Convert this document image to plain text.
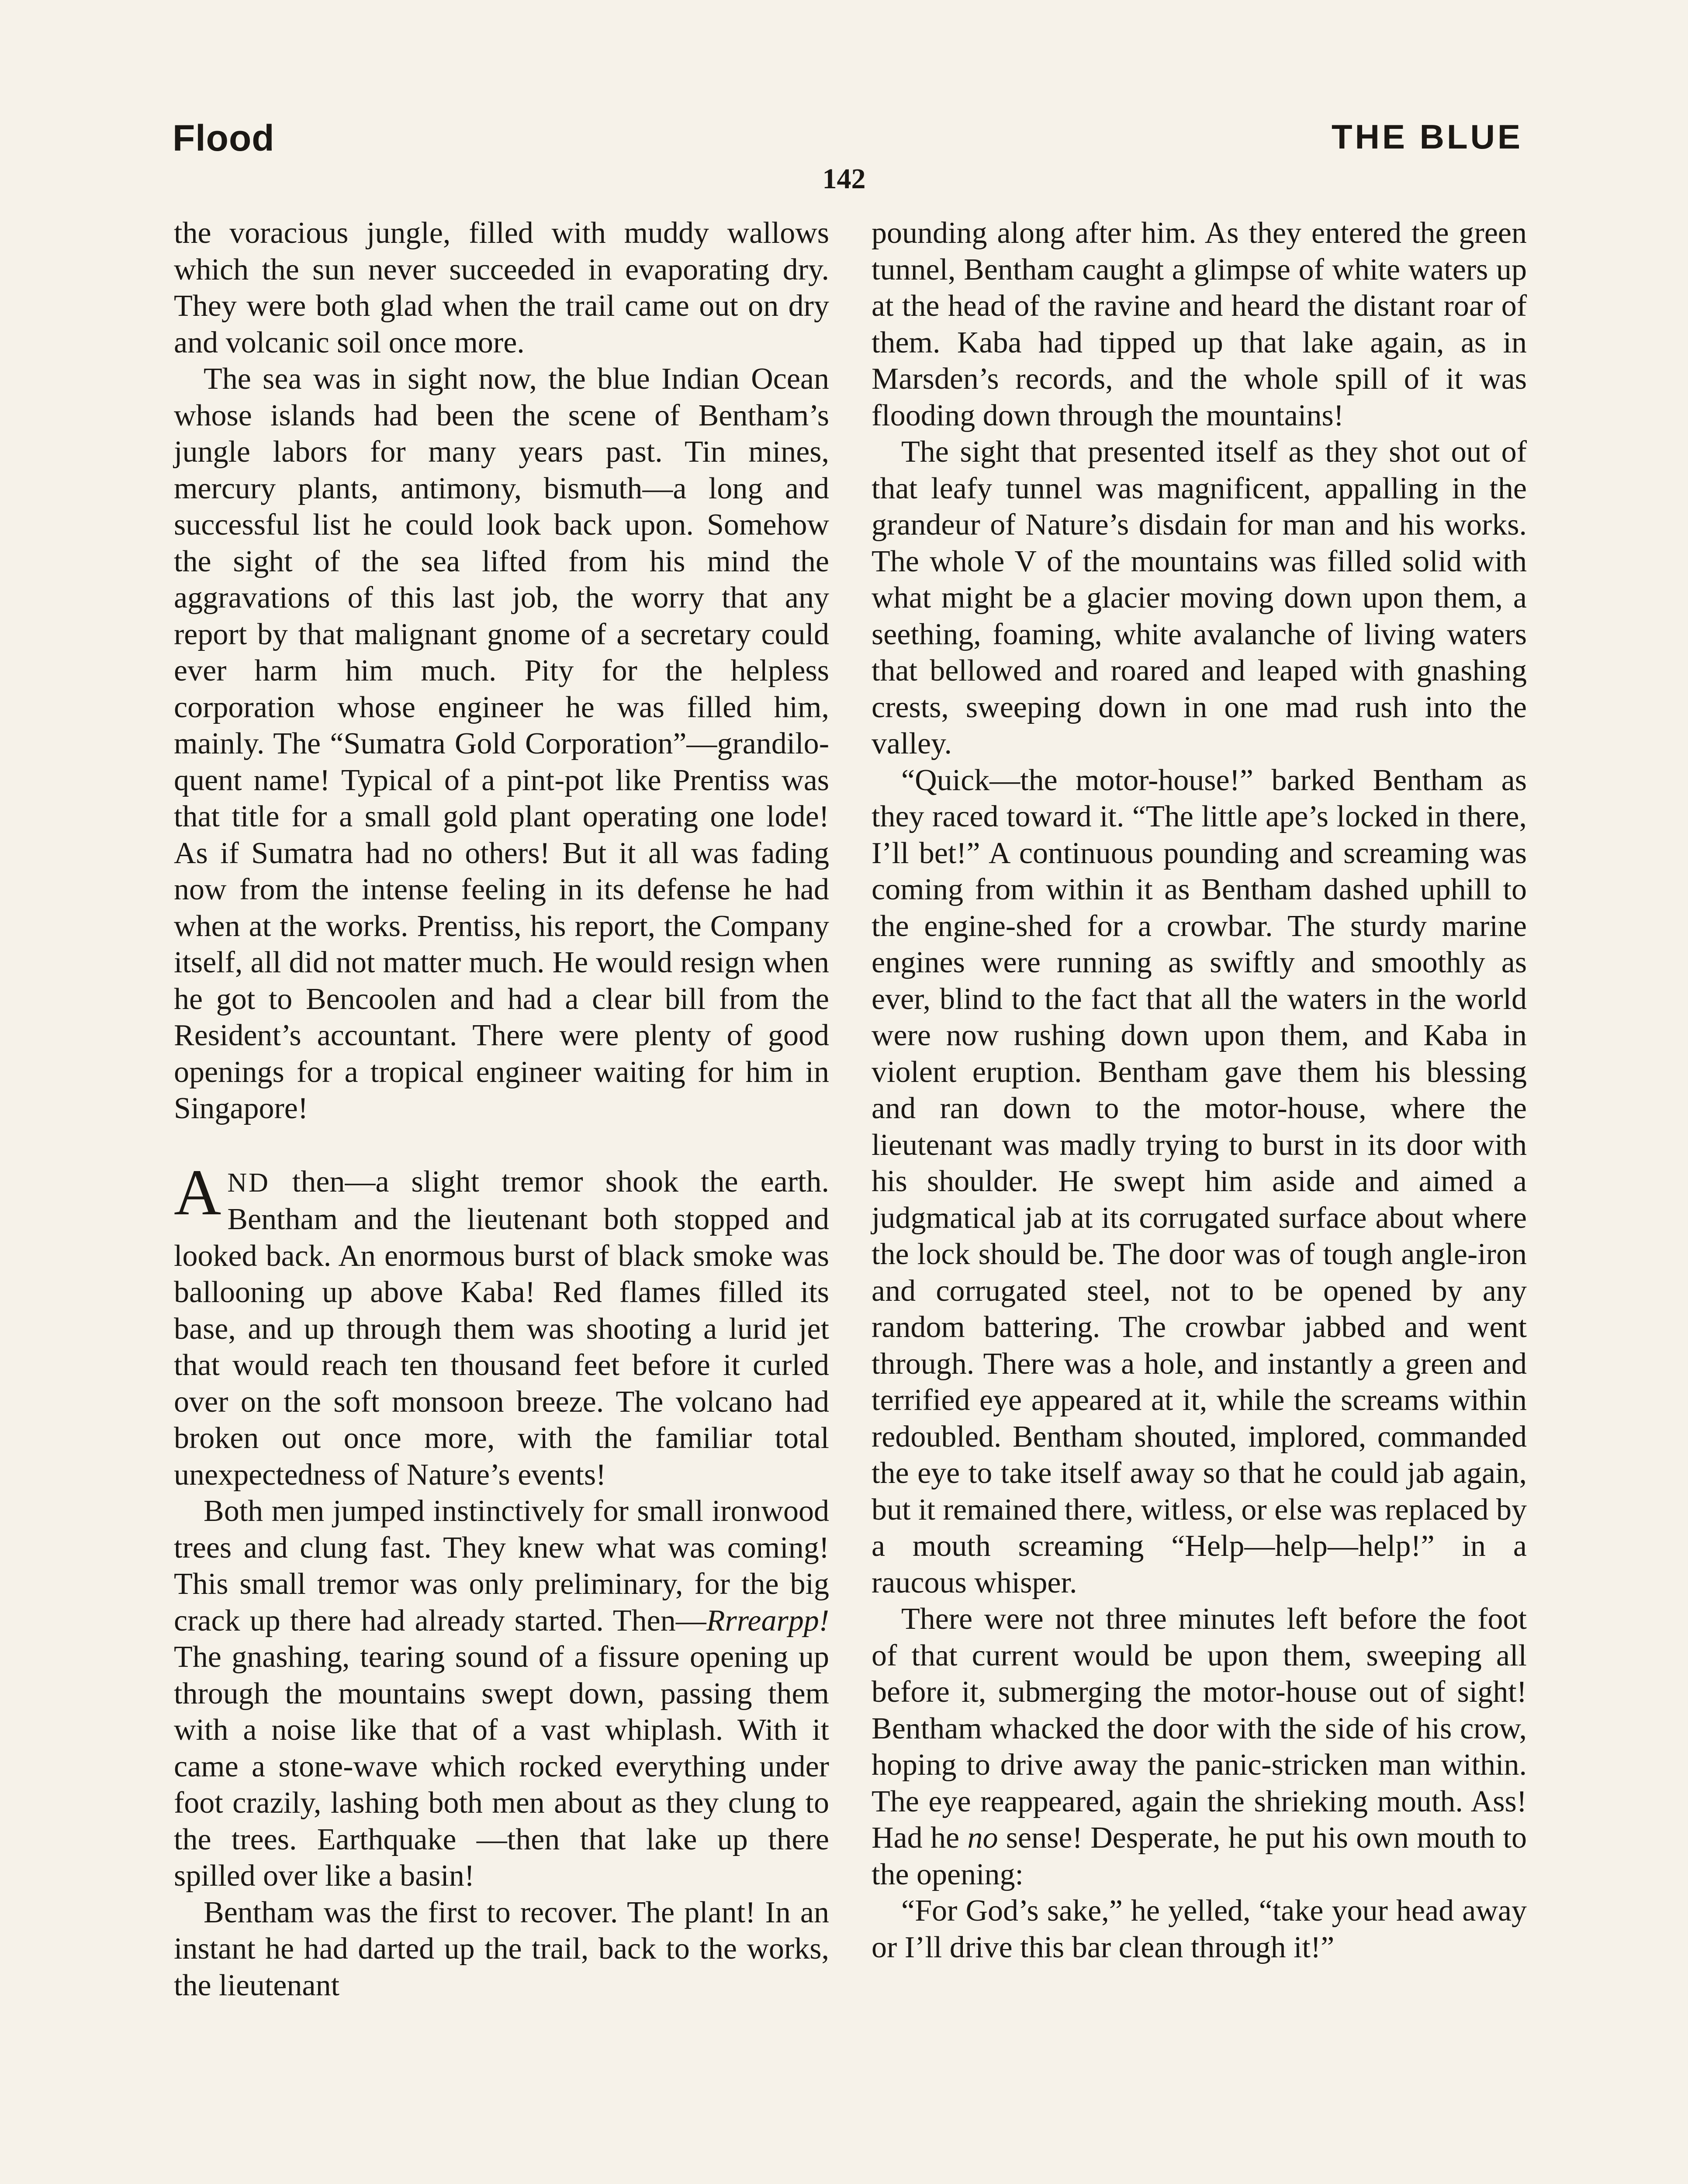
Flood	THE BLUE
142

the voracious jungle, filled with muddy wallows which the sun never succeeded in evaporating dry. They were both glad when the trail came out on dry and volcanic soil once more.

The sea was in sight now, the blue Indian Ocean whose islands had been the scene of Bentham’s jungle labors for many years past. Tin mines, mercury plants, antimony, bismuth—a long and successful list he could look back upon. Somehow the sight of the sea lifted from his mind the aggravations of this last job, the worry that any report by that malignant gnome of a secretary could ever harm him much. Pity for the helpless corporation whose engineer he was filled him, mainly. The “Sumatra Gold Corporation”—grandiloquent name! Typical of a pint-pot like Prentiss was that title for a small gold plant operating one lode! As if Sumatra had no others! But it all was fading now from the intense feeling in its defense he had when at the works. Prentiss, his report, the Company itself, all did not matter much. He would resign when he got to Bencoolen and had a clear bill from the Resident’s accountant. There were plenty of good openings for a tropical engineer waiting for him in Singapore!

AND then—a slight tremor shook the earth. Bentham and the lieutenant both stopped and looked back. An enormous burst of black smoke was ballooning up above Kaba! Red flames filled its base, and up through them was shooting a lurid jet that would reach ten thousand feet before it curled over on the soft monsoon breeze. The volcano had broken out once more, with the familiar total unexpectedness of Nature’s events!

Both men jumped instinctively for small ironwood trees and clung fast. They knew what was coming! This small tremor was only preliminary, for the big crack up there had already started. Then—Rrrearpp! The gnashing, tearing sound of a fissure opening up through the mountains swept down, passing them with a noise like that of a vast whiplash. With it came a stone-wave which rocked everything under foot crazily, lashing both men about as they clung to the trees. Earthquake —then that lake up there spilled over like a basin!

Bentham was the first to recover. The plant! In an instant he had darted up the trail, back to the works, the lieutenant

pounding along after him. As they entered the green tunnel, Bentham caught a glimpse of white waters up at the head of the ravine and heard the distant roar of them. Kaba had tipped up that lake again, as in Marsden’s records, and the whole spill of it was flooding down through the mountains!

The sight that presented itself as they shot out of that leafy tunnel was magnificent, appalling in the grandeur of Nature’s disdain for man and his works. The whole V of the mountains was filled solid with what might be a glacier moving down upon them, a seething, foaming, white avalanche of living waters that bellowed and roared and leaped with gnashing crests, sweeping down in one mad rush into the valley.

“Quick—the motor-house!” barked Bentham as they raced toward it. “The little ape’s locked in there, I’ll bet!” A continuous pounding and screaming was coming from within it as Bentham dashed uphill to the engine-shed for a crowbar. The sturdy marine engines were running as swiftly and smoothly as ever, blind to the fact that all the waters in the world were now rushing down upon them, and Kaba in violent eruption. Bentham gave them his blessing and ran down to the motor-house, where the lieutenant was madly trying to burst in its door with his shoulder. He swept him aside and aimed a judgmatical jab at its corrugated surface about where the lock should be. The door was of tough angle-iron and corrugated steel, not to be opened by any random battering. The crowbar jabbed and went through. There was a hole, and instantly a green and terrified eye appeared at it, while the screams within redoubled. Bentham shouted, implored, commanded the eye to take itself away so that he could jab again, but it remained there, witless, or else was replaced by a mouth screaming “Help—help—help!” in a raucous whisper.

There were not three minutes left before the foot of that current would be upon them, sweeping all before it, submerging the motor-house out of sight! Bentham whacked the door with the side of his crow, hoping to drive away the panic-stricken man within. The eye reappeared, again the shrieking mouth. Ass! Had he no sense! Desperate, he put his own mouth to the opening:

“For God’s sake,” he yelled, “take your head away or I’ll drive this bar clean through it!”
